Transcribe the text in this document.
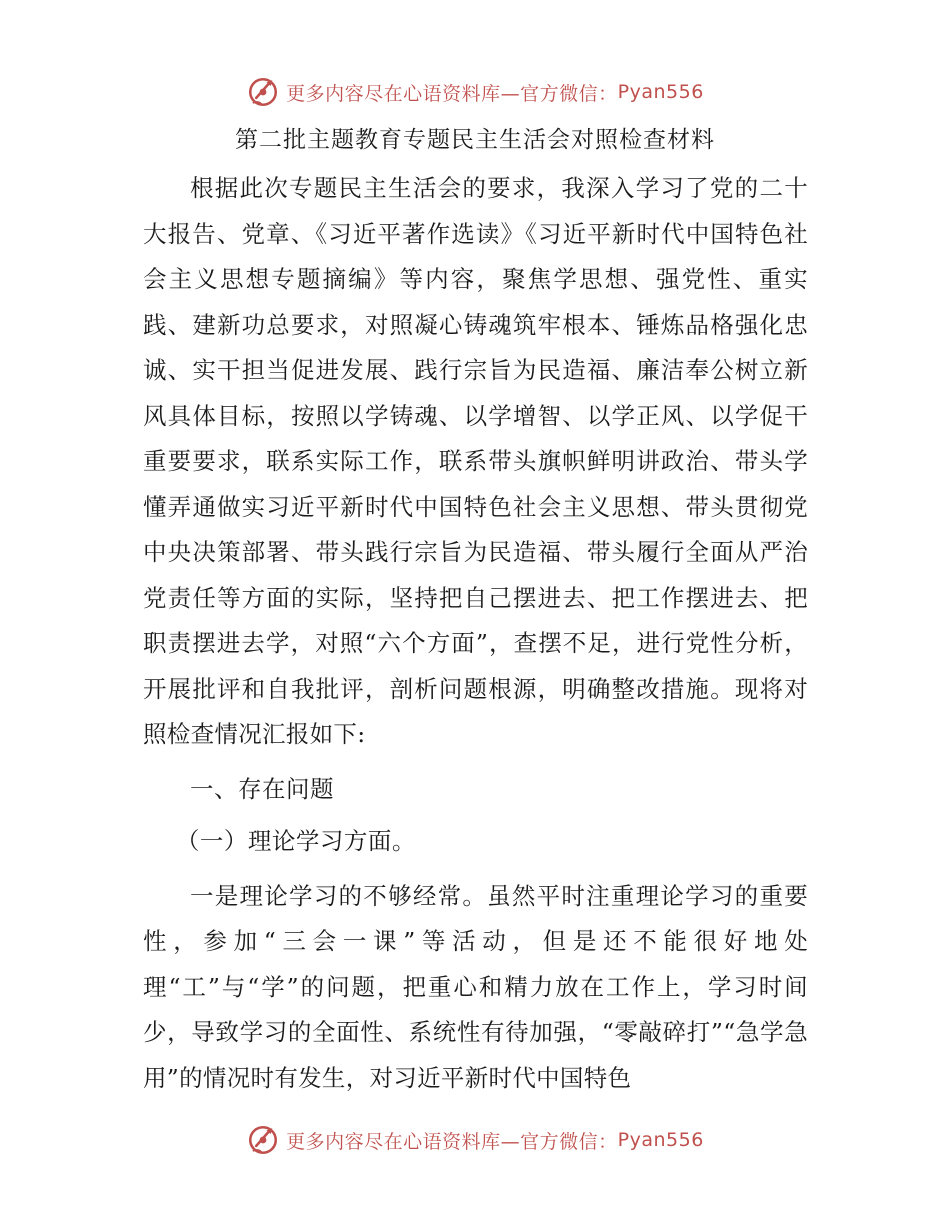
更多内容尽在心语资料库—官方微信： Pyan556
第二批主题教育专题民主生活会对照检查材料

根据此次专题民主生活会的要求，我深入学习了党的二十大报告、党章、《习近平著作选读》《习近平新时代中国特色社会主义思想专题摘编》等内容，聚焦学思想、强党性、重实践、建新功总要求，对照凝心铸魂筑牢根本、锤炼品格强化忠诚、实干担当促进发展、践行宗旨为民造福、廉洁奉公树立新风具体目标，按照以学铸魂、以学增智、以学正风、以学促干重要要求，联系实际工作，联系带头旗帜鲜明讲政治、带头学懂弄通做实习近平新时代中国特色社会主义思想、带头贯彻党中央决策部署、带头践行宗旨为民造福、带头履行全面从严治党责任等方面的实际，坚持把自己摆进去、把工作摆进去、把职责摆进去学，对照“六个方面”，查摆不足，进行党性分析，开展批评和自我批评，剖析问题根源，明确整改措施。现将对照检查情况汇报如下:

一、存在问题

（一）理论学习方面。

一是理论学习的不够经常。虽然平时注重理论学习的重要性，参加“三会一课”等活动，但是还不能很好地处理“工”与“学”的问题，把重心和精力放在工作上，学习时间少，导致学习的全面性、系统性有待加强，“零敲碎打”“急学急用”的情况时有发生，对习近平新时代中国特色

更多内容尽在心语资料库—官方微信： Pyan556
